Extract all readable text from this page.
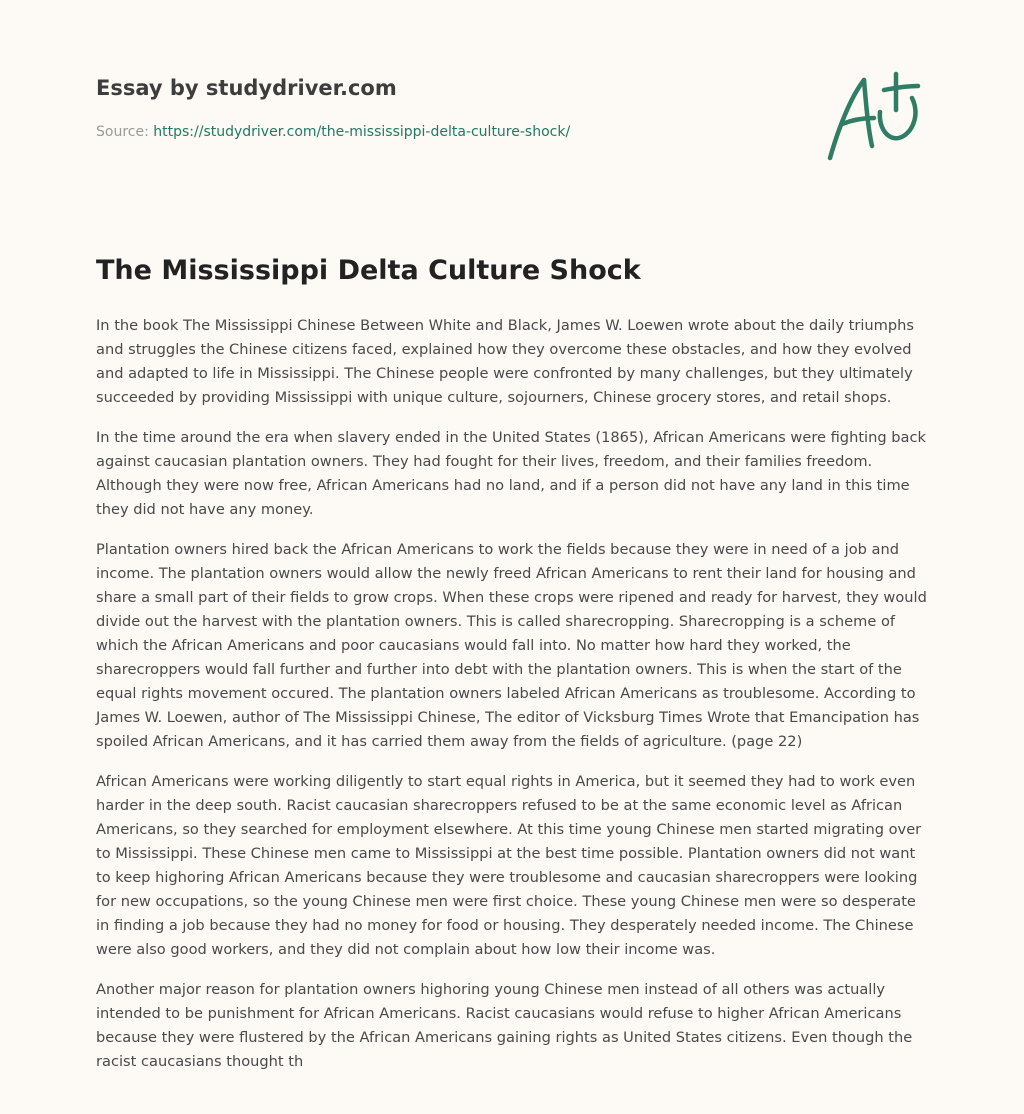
Essay by studydriver.com
Source: https://studydriver.com/the-mississippi-delta-culture-shock/
The Mississippi Delta Culture Shock

In the book The Mississippi Chinese Between White and Black, James W. Loewen wrote about the daily triumphs and struggles the Chinese citizens faced, explained how they overcome these obstacles, and how they evolved and adapted to life in Mississippi. The Chinese people were confronted by many challenges, but they ultimately succeeded by providing Mississippi with unique culture, sojourners, Chinese grocery stores, and retail shops.

In the time around the era when slavery ended in the United States (1865), African Americans were fighting back against caucasian plantation owners. They had fought for their lives, freedom, and their families freedom. Although they were now free, African Americans had no land, and if a person did not have any land in this time they did not have any money.

Plantation owners hired back the African Americans to work the fields because they were in need of a job and income. The plantation owners would allow the newly freed African Americans to rent their land for housing and share a small part of their fields to grow crops. When these crops were ripened and ready for harvest, they would divide out the harvest with the plantation owners. This is called sharecropping. Sharecropping is a scheme of which the African Americans and poor caucasians would fall into. No matter how hard they worked, the sharecroppers would fall further and further into debt with the plantation owners. This is when the start of the equal rights movement occured. The plantation owners labeled African Americans as troublesome. According to James W. Loewen, author of The Mississippi Chinese, The editor of Vicksburg Times Wrote that Emancipation has spoiled African Americans, and it has carried them away from the fields of agriculture. (page 22)

African Americans were working diligently to start equal rights in America, but it seemed they had to work even harder in the deep south. Racist caucasian sharecroppers refused to be at the same economic level as African Americans, so they searched for employment elsewhere. At this time young Chinese men started migrating over to Mississippi. These Chinese men came to Mississippi at the best time possible. Plantation owners did not want to keep highoring African Americans because they were troublesome and caucasian sharecroppers were looking for new occupations, so the young Chinese men were first choice. These young Chinese men were so desperate in finding a job because they had no money for food or housing. They desperately needed income. The Chinese were also good workers, and they did not complain about how low their income was.

Another major reason for plantation owners highoring young Chinese men instead of all others was actually intended to be punishment for African Americans. Racist caucasians would refuse to higher African Americans because they were flustered by the African Americans gaining rights as United States citizens. Even though the racist caucasians thought th
